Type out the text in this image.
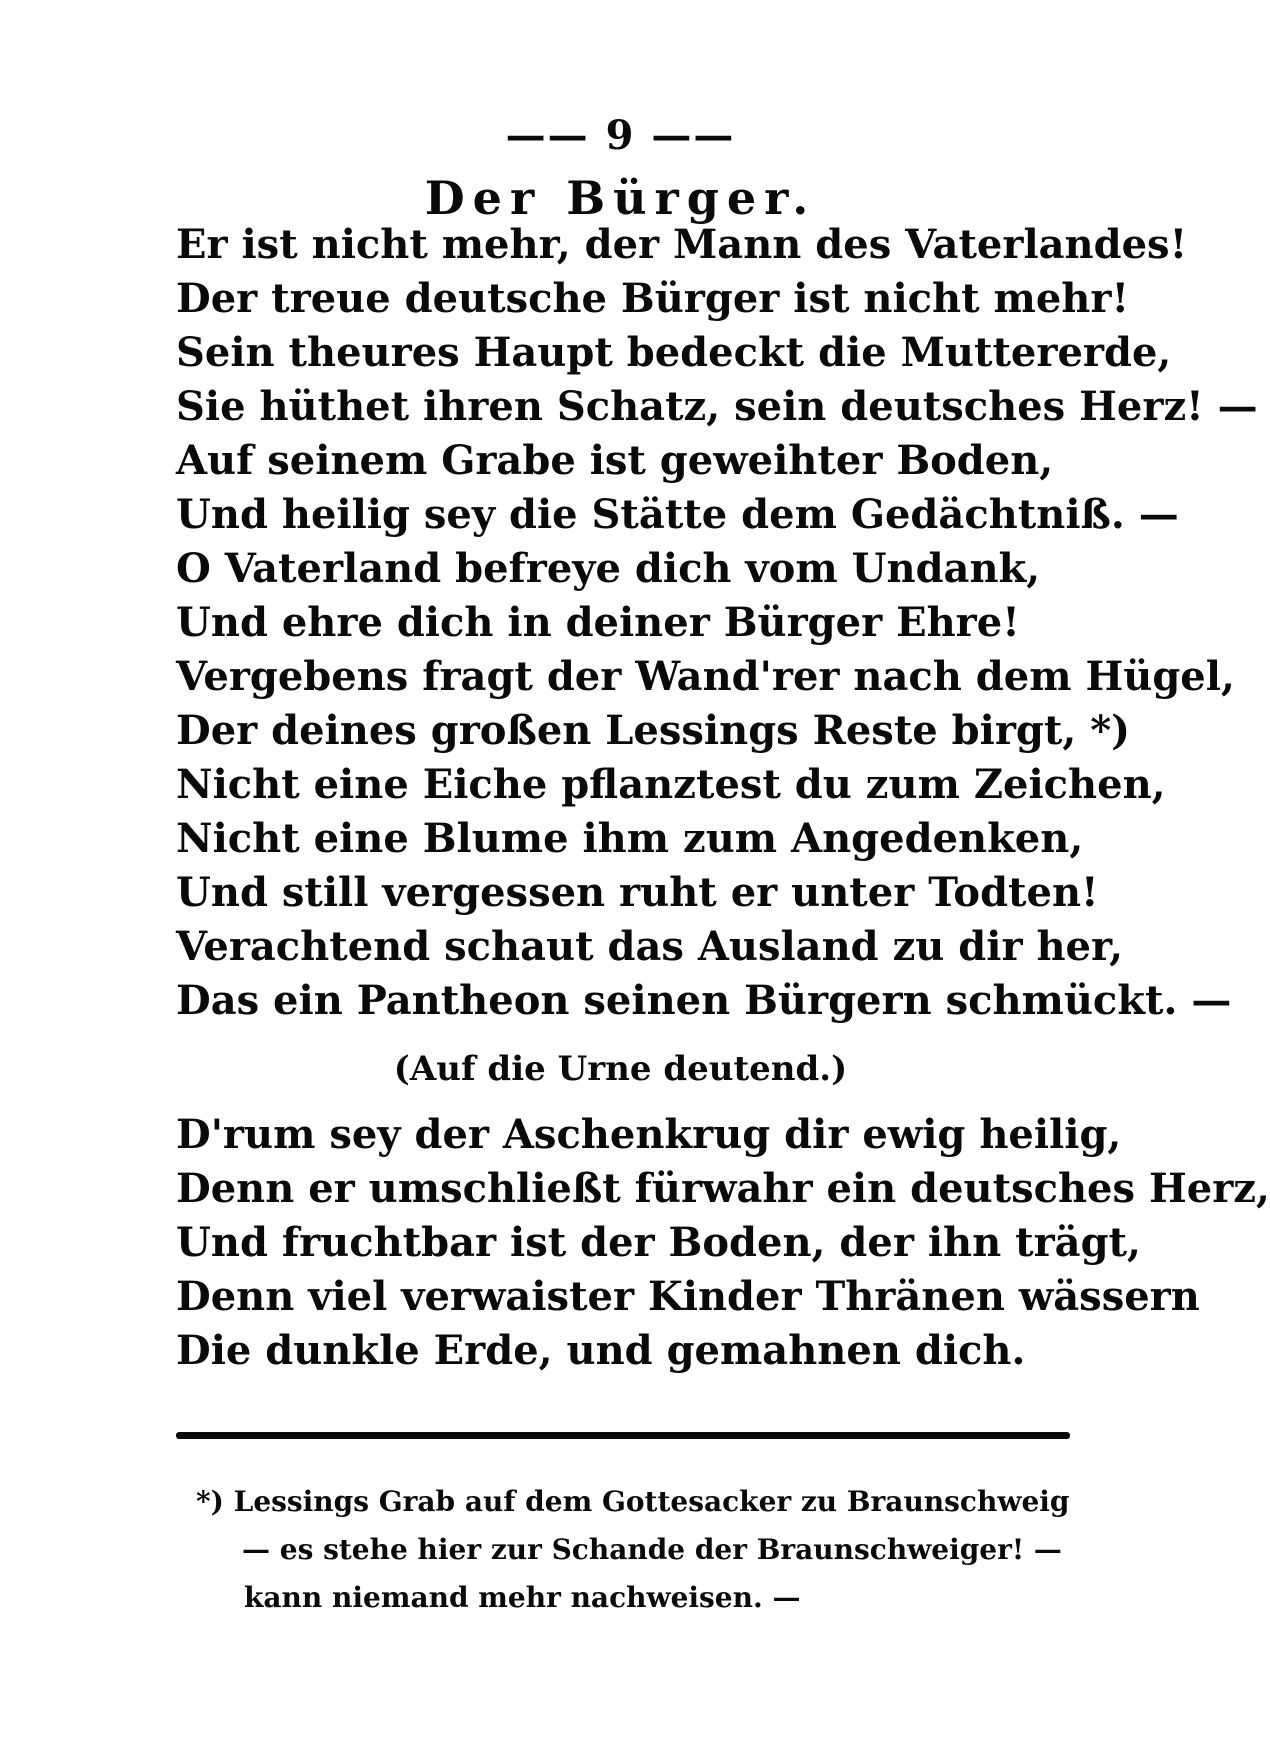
—— 9 ——
Der Bürger.
Er ist nicht mehr, der Mann des Vaterlandes!
Der treue deutsche Bürger ist nicht mehr!
Sein theures Haupt bedeckt die Muttererde,
Sie hüthet ihren Schatz, sein deutsches Herz! —
Auf seinem Grabe ist geweihter Boden,
Und heilig sey die Stätte dem Gedächtniß. —
O Vaterland befreye dich vom Undank,
Und ehre dich in deiner Bürger Ehre!
Vergebens fragt der Wand'rer nach dem Hügel,
Der deines großen Lessings Reste birgt, *)
Nicht eine Eiche pflanztest du zum Zeichen,
Nicht eine Blume ihm zum Angedenken,
Und still vergessen ruht er unter Todten!
Verachtend schaut das Ausland zu dir her,
Das ein Pantheon seinen Bürgern schmückt. —
(Auf die Urne deutend.)
D'rum sey der Aschenkrug dir ewig heilig,
Denn er umschließt fürwahr ein deutsches Herz,
Und fruchtbar ist der Boden, der ihn trägt,
Denn viel verwaister Kinder Thränen wässern
Die dunkle Erde, und gemahnen dich.
*) Lessings Grab auf dem Gottesacker zu Braunschweig
— es stehe hier zur Schande der Braunschweiger! —
kann niemand mehr nachweisen. —
